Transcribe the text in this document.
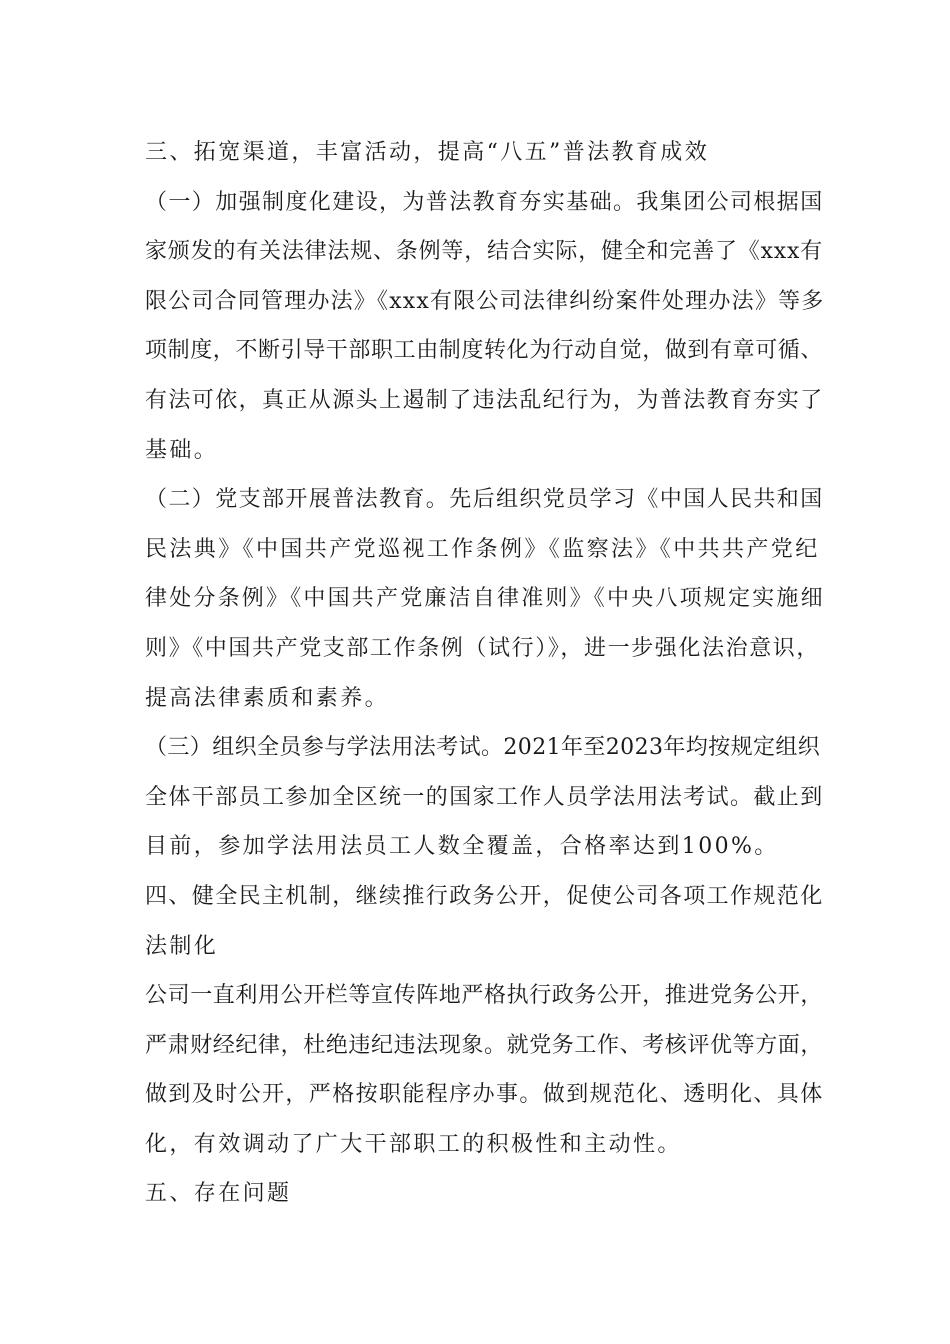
三、拓宽渠道，丰富活动，提高“八五”普法教育成效
（一）加强制度化建设，为普法教育夯实基础。我集团公司根据国
家颁发的有关法律法规、条例等，结合实际，健全和完善了《xxx有
限公司合同管理办法》《xxx有限公司法律纠纷案件处理办法》等多
项制度，不断引导干部职工由制度转化为行动自觉，做到有章可循、
有法可依，真正从源头上遏制了违法乱纪行为，为普法教育夯实了
基础。
（二）党支部开展普法教育。先后组织党员学习《中国人民共和国
民法典》《中国共产党巡视工作条例》《监察法》《中共共产党纪
律处分条例》《中国共产党廉洁自律准则》《中央八项规定实施细
则》《中国共产党支部工作条例（试行）》，进一步强化法治意识，
提高法律素质和素养。
（三）组织全员参与学法用法考试。2021年至2023年均按规定组织
全体干部员工参加全区统一的国家工作人员学法用法考试。截止到
目前，参加学法用法员工人数全覆盖，合格率达到100%。
四、健全民主机制，继续推行政务公开，促使公司各项工作规范化
法制化
公司一直利用公开栏等宣传阵地严格执行政务公开，推进党务公开，
严肃财经纪律，杜绝违纪违法现象。就党务工作、考核评优等方面，
做到及时公开，严格按职能程序办事。做到规范化、透明化、具体
化，有效调动了广大干部职工的积极性和主动性。
五、存在问题
